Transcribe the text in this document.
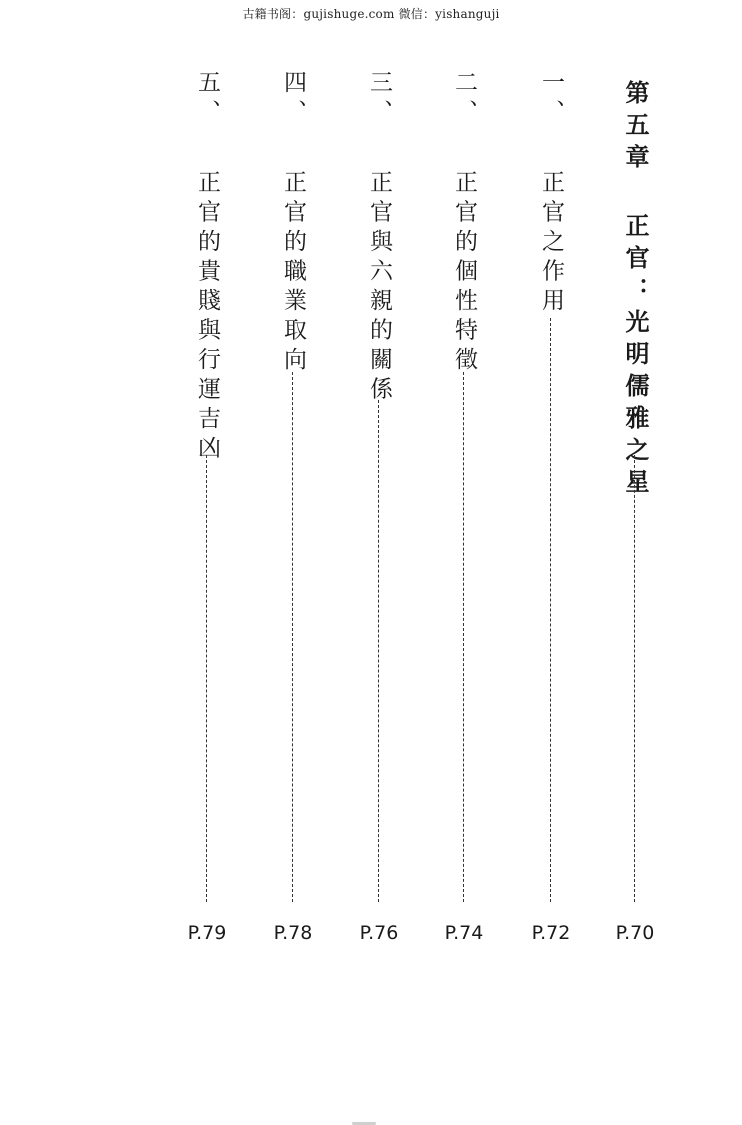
古籍书阁：gujishuge.com 微信：yishanguji
第五章 正官：光明儒雅之星
P.70
一、
正官之作用
P.72
二、
正官的個性特徵
P.74
三、
正官與六親的關係
P.76
四、
正官的職業取向
P.78
五、
正官的貴賤與行運吉凶
P.79
